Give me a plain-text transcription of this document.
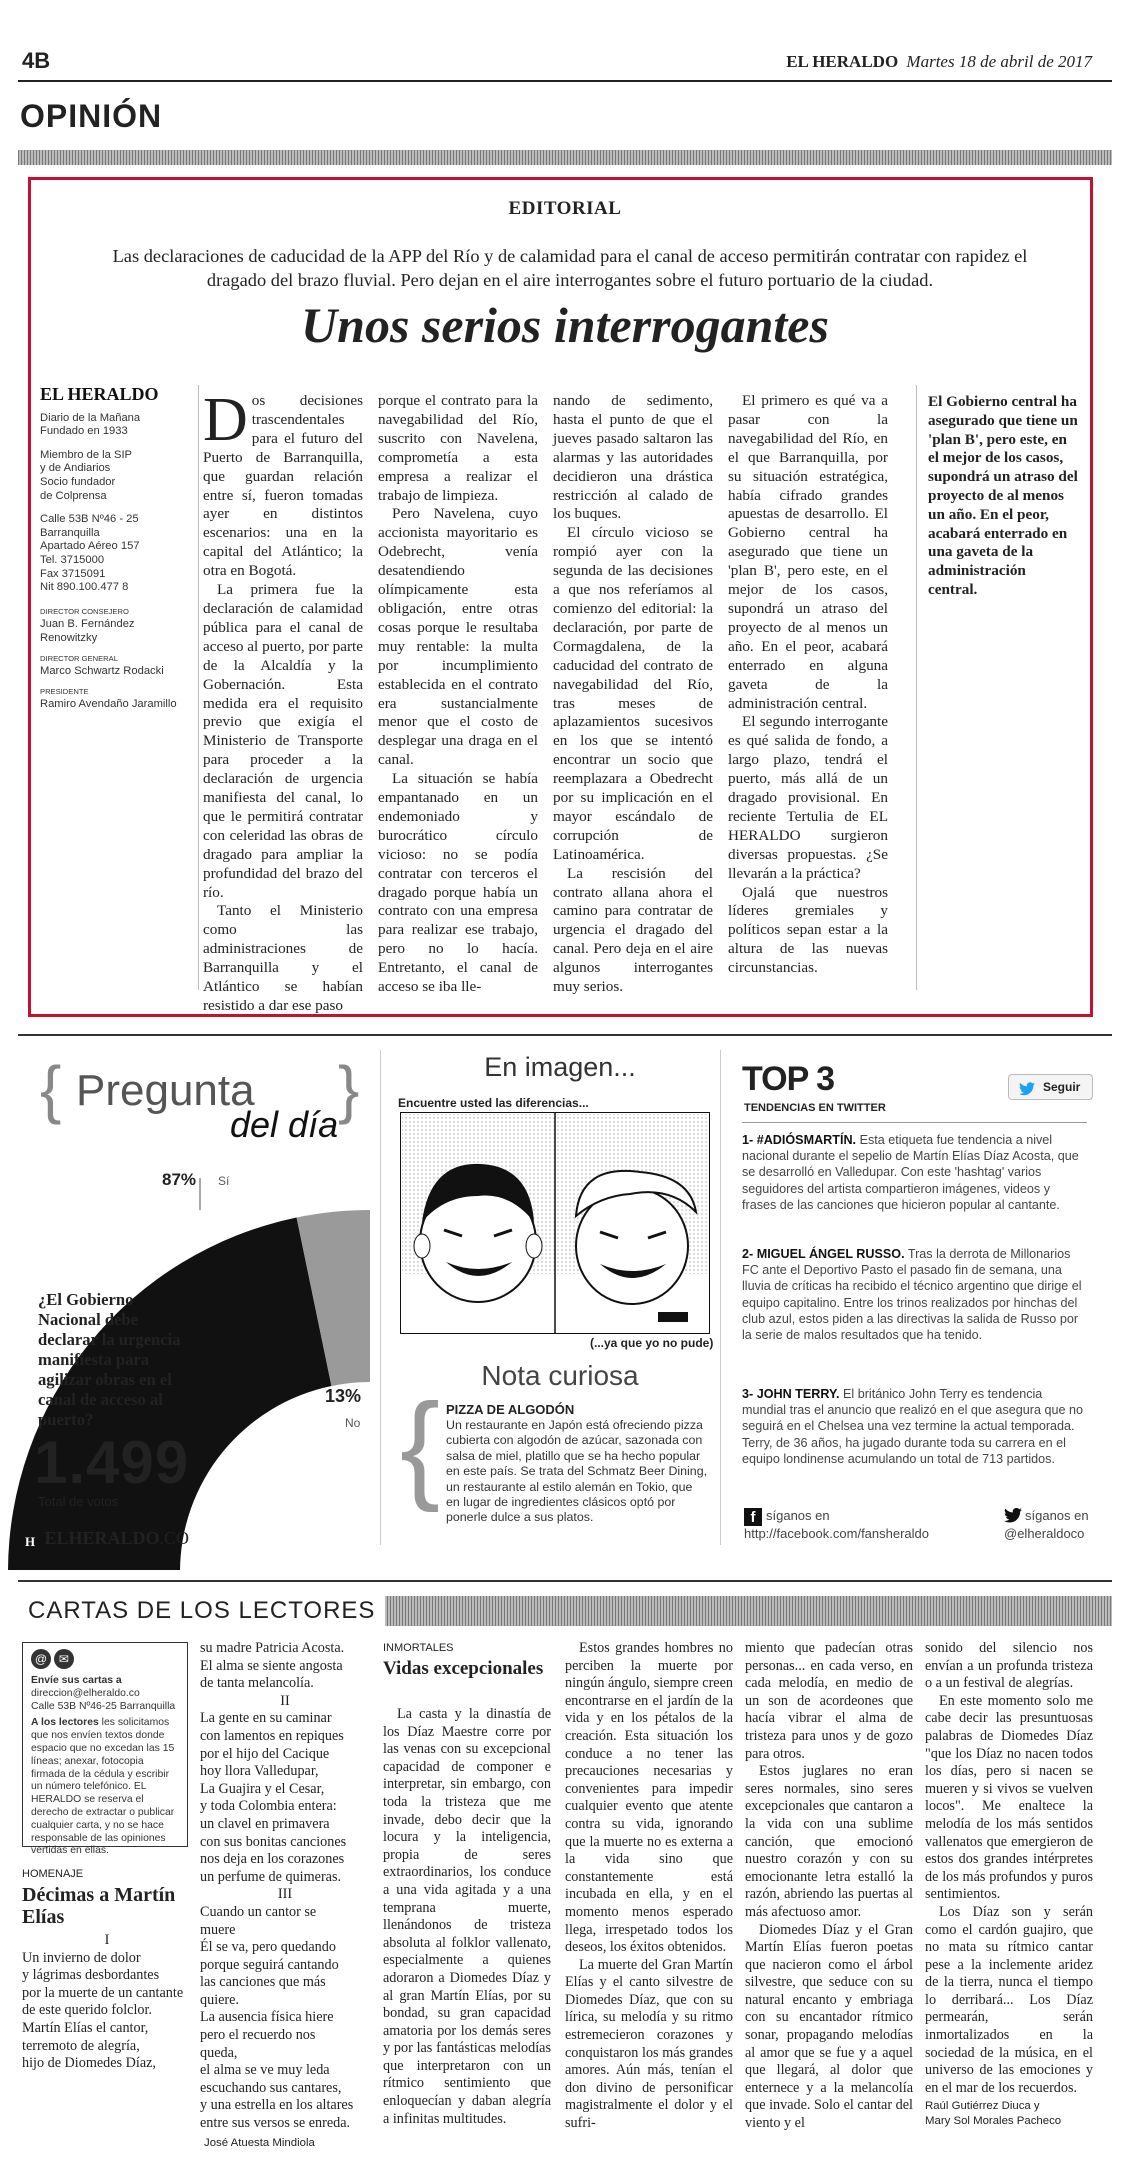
4B	EL HERALDO Martes 18 de abril de 2017
OPINIÓN
EDITORIAL
Las declaraciones de caducidad de la APP del Río y de calamidad para el canal de acceso permitirán contratar con rapidez el dragado del brazo fluvial. Pero dejan en el aire interrogantes sobre el futuro portuario de la ciudad.
Unos serios interrogantes
EL HERALDO
Diario de la Mañana
Fundado en 1933
Miembro de la SIP
y de Andiarios
Socio fundador
de Colprensa
Calle 53B Nº46 - 25
Barranquilla
Apartado Aéreo 157
Tel. 3715000
Fax 3715091
Nit 890.100.477 8
DIRECTOR CONSEJERO
Juan B. Fernández Renowitzky
DIRECTOR GENERAL
Marco Schwartz Rodacki
PRESIDENTE
Ramiro Avendaño Jaramillo

Dos decisiones trascendentales para el futuro del Puerto de Barranquilla, que guardan relación entre sí, fueron tomadas ayer en distintos escenarios: una en la capital del Atlántico; la otra en Bogotá.

La primera fue la declaración de calamidad pública para el canal de acceso al puerto, por parte de la Alcaldía y la Gobernación. Esta medida era el requisito previo que exigía el Ministerio de Transporte para proceder a la declaración de urgencia manifiesta del canal, lo que le permitirá contratar con celeridad las obras de dragado para ampliar la profundidad del brazo del río.

Tanto el Ministerio como las administraciones de Barranquilla y el Atlántico se habían resistido a dar ese paso

porque el contrato para la navegabilidad del Río, suscrito con Navelena, comprometía a esta empresa a realizar el trabajo de limpieza.

Pero Navelena, cuyo accionista mayoritario es Odebrecht, venía desatendiendo olímpicamente esta obligación, entre otras cosas porque le resultaba muy rentable: la multa por incumplimiento establecida en el contrato era sustancialmente menor que el costo de desplegar una draga en el canal.

La situación se había empantanado en un endemoniado y burocrático círculo vicioso: no se podía contratar con terceros el dragado porque había un contrato con una empresa para realizar ese trabajo, pero no lo hacía. Entretanto, el canal de acceso se iba lle-

nando de sedimento, hasta el punto de que el jueves pasado saltaron las alarmas y las autoridades decidieron una drástica restricción al calado de los buques.

El círculo vicioso se rompió ayer con la segunda de las decisiones a que nos referíamos al comienzo del editorial: la declaración, por parte de Cormagdalena, de la caducidad del contrato de navegabilidad del Río, tras meses de aplazamientos sucesivos en los que se intentó encontrar un socio que reemplazara a Obedrecht por su implicación en el mayor escándalo de corrupción de Latinoamérica.

La rescisión del contrato allana ahora el camino para contratar de urgencia el dragado del canal. Pero deja en el aire algunos interrogantes muy serios.

El primero es qué va a pasar con la navegabilidad del Río, en el que Barranquilla, por su situación estratégica, había cifrado grandes apuestas de desarrollo. El Gobierno central ha asegurado que tiene un 'plan B', pero este, en el mejor de los casos, supondrá un atraso del proyecto de al menos un año. En el peor, acabará enterrado en alguna gaveta de la administración central.

El segundo interrogante es qué salida de fondo, a largo plazo, tendrá el puerto, más allá de un dragado provisional. En reciente Tertulia de EL HERALDO surgieron diversas propuestas. ¿Se llevarán a la práctica?

Ojalá que nuestros líderes gremiales y políticos sepan estar a la altura de las nuevas circunstancias.

El Gobierno central ha asegurado que tiene un 'plan B', pero este, en el mejor de los casos, supondrá un atraso del proyecto de al menos un año. En el peor, acabará enterrado en una gaveta de la administración central.
{ Pregunta
del día }
87% Sí
13%
No
¿El Gobierno Nacional debe declarar la urgencia manifiesta para agilizar obras en el canal de acceso al puerto?
1.499
Total de votos
H ELHERALDO.CO
En imagen...
Encuentre usted las diferencias...
(...ya que yo no pude)
Nota curiosa
{ PIZZA DE ALGODÓN
Un restaurante en Japón está ofreciendo pizza cubierta con algodón de azúcar, sazonada con salsa de miel, platillo que se ha hecho popular en este país. Se trata del Schmatz Beer Dining, un restaurante al estilo alemán en Tokio, que en lugar de ingredientes clásicos optó por ponerle dulce a sus platos.
TOP 3
TENDENCIAS EN TWITTER
Seguir
1- #ADIÓSMARTÍN. Esta etiqueta fue tendencia a nivel nacional durante el sepelio de Martín Elías Díaz Acosta, que se desarrolló en Valledupar. Con este 'hashtag' varios seguidores del artista compartieron imágenes, videos y frases de las canciones que hicieron popular al cantante.
2- MIGUEL ÁNGEL RUSSO. Tras la derrota de Millonarios FC ante el Deportivo Pasto el pasado fin de semana, una lluvia de críticas ha recibido el técnico argentino que dirige el equipo capitalino. Entre los trinos realizados por hinchas del club azul, estos piden a las directivas la salida de Russo por la serie de malos resultados que ha tenido.
3- JOHN TERRY. El británico John Terry es tendencia mundial tras el anuncio que realizó en el que asegura que no seguirá en el Chelsea una vez termine la actual temporada. Terry, de 36 años, ha jugado durante toda su carrera en el equipo londinense acumulando un total de 713 partidos.
f síganos en
http://facebook.com/fansheraldo
síganos en
@elheraldoco
CARTAS DE LOS LECTORES
@ ✉
Envíe sus cartas a
direccion@elheraldo.co
Calle 53B Nº46-25 Barranquilla
A los lectores les solicitamos que nos envíen textos donde espacio que no excedan las 15 líneas; anexar, fotocopia firmada de la cédula y escribir un número telefónico. EL HERALDO se reserva el derecho de extractar o publicar cualquier carta, y no se hace responsable de las opiniones vertidas en ellas.
HOMENAJE
Décimas a Martín Elías
I
Un invierno de dolor
y lágrimas desbordantes
por la muerte de un cantante
de este querido folclor.
Martín Elías el cantor,
terremoto de alegría,
hijo de Diomedes Díaz,
su madre Patricia Acosta.
El alma se siente angosta
de tanta melancolía.
II
La gente en su caminar
con lamentos en repiques
por el hijo del Cacique
hoy llora Valledupar,
La Guajira y el Cesar,
y toda Colombia entera:
un clavel en primavera
con sus bonitas canciones
nos deja en los corazones
un perfume de quimeras.
III
Cuando un cantor se
muere
Él se va, pero quedando
porque seguirá cantando
las canciones que más
quiere.
La ausencia física hiere
pero el recuerdo nos
queda,
el alma se ve muy leda
escuchando sus cantares,
y una estrella en los altares
entre sus versos se enreda.
José Atuesta Mindiola
INMORTALES
Vidas excepcionales

La casta y la dinastía de los Díaz Maestre corre por las venas con su excepcional capacidad de componer e interpretar, sin embargo, con toda la tristeza que me invade, debo decir que la locura y la inteligencia, propia de seres extraordinarios, los conduce a una vida agitada y a una temprana muerte, llenándonos de tristeza absoluta al folklor vallenato, especialmente a quienes adoraron a Diomedes Díaz y al gran Martín Elías, por su bondad, su gran capacidad amatoria por los demás seres y por las fantásticas melodías que interpretaron con un rítmico sentimiento que enloquecían y daban alegría a infinitas multitudes.

Estos grandes hombres no perciben la muerte por ningún ángulo, siempre creen encontrarse en el jardín de la vida y en los pétalos de la creación. Esta situación los conduce a no tener las precauciones necesarias y convenientes para impedir cualquier evento que atente contra su vida, ignorando que la muerte no es externa a la vida sino que constantemente está incubada en ella, y en el momento menos esperado llega, irrespetado todos los deseos, los éxitos obtenidos.

La muerte del Gran Martín Elías y el canto silvestre de Diomedes Díaz, que con su lírica, su melodía y su ritmo estremecieron corazones y conquistaron los más grandes amores. Aún más, tenían el don divino de personificar magistralmente el dolor y el sufri-

miento que padecían otras personas... en cada verso, en cada melodía, en medio de un son de acordeones que hacía vibrar el alma de tristeza para unos y de gozo para otros.

Estos juglares no eran seres normales, sino seres excepcionales que cantaron a la vida con una sublime canción, que emocionó nuestro corazón y con su emocionante letra estalló la razón, abriendo las puertas al más afectuoso amor.

Diomedes Díaz y el Gran Martín Elías fueron poetas que nacieron como el árbol silvestre, que seduce con su natural encanto y embriaga con su encantador rítmico sonar, propagando melodías al amor que se fue y a aquel que llegará, al dolor que enternece y a la melancolía que invade. Solo el cantar del viento y el

sonido del silencio nos envían a un profunda tristeza o a un festival de alegrías.

En este momento solo me cabe decir las presuntuosas palabras de Diomedes Díaz "que los Díaz no nacen todos los días, pero si nacen se mueren y si vivos se vuelven locos". Me enaltece la melodía de los más sentidos vallenatos que emergieron de estos dos grandes intérpretes de los más profundos y puros sentimientos.

Los Díaz son y serán como el cardón guajiro, que no mata su rítmico cantar pese a la inclemente aridez de la tierra, nunca el tiempo lo derribará... Los Díaz permearán, serán inmortalizados en la sociedad de la música, en el universo de las emociones y en el mar de los recuerdos.

Raúl Gutiérrez Diuca y
Mary Sol Morales Pacheco
